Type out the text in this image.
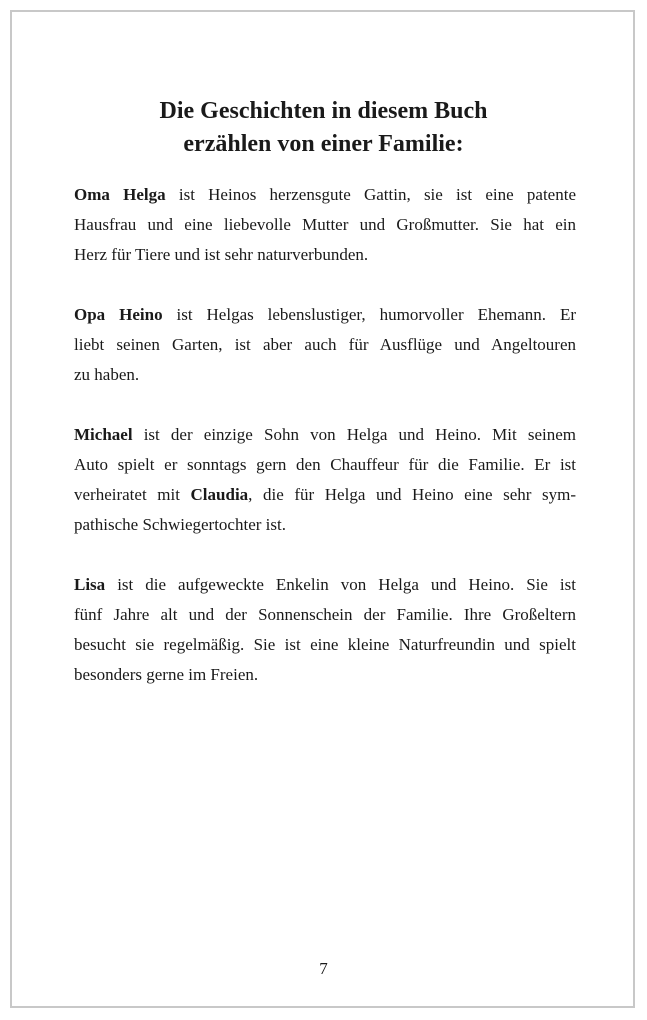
Die Geschichten in diesem Buch
erzählen von einer Familie:

Oma Helga ist Heinos herzensgute Gattin, sie ist eine patente
Hausfrau und eine liebevolle Mutter und Großmutter. Sie hat ein
Herz für Tiere und ist sehr naturverbunden.

Opa Heino ist Helgas lebenslustiger, humorvoller Ehemann. Er
liebt seinen Garten, ist aber auch für Ausflüge und Angeltouren
zu haben.

Michael ist der einzige Sohn von Helga und Heino. Mit seinem
Auto spielt er sonntags gern den Chauffeur für die Familie. Er ist
verheiratet mit Claudia, die für Helga und Heino eine sehr sym-
pathische Schwiegertochter ist.

Lisa ist die aufgeweckte Enkelin von Helga und Heino. Sie ist
fünf Jahre alt und der Sonnenschein der Familie. Ihre Großeltern
besucht sie regelmäßig. Sie ist eine kleine Naturfreundin und spielt
besonders gerne im Freien.

7
